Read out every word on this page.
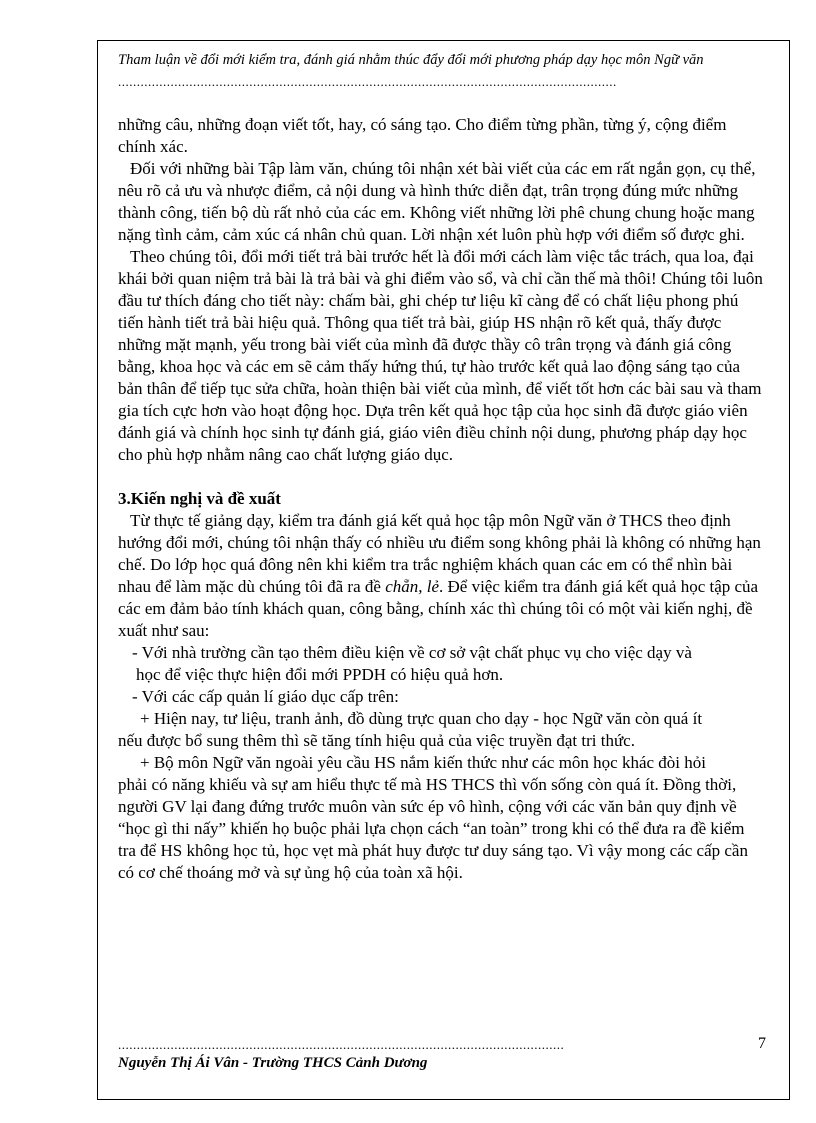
Tham luận về đổi mới kiểm tra, đánh giá nhằm thúc đẩy đổi mới phương pháp dạy học môn Ngữ văn
.....................................................................................................................................

những câu, những đoạn viết tốt, hay, có sáng tạo. Cho điểm từng phần, từng ý, cộng điểm chính xác.

Đối với những bài Tập làm văn, chúng tôi nhận xét bài viết của các em rất ngắn gọn, cụ thể, nêu rõ cả ưu và nhược điểm, cả nội dung và hình thức diễn đạt, trân trọng đúng mức những thành công, tiến bộ dù rất nhỏ của các em. Không viết những lời phê chung chung hoặc mang nặng tình cảm, cảm xúc cá nhân chủ quan. Lời nhận xét luôn phù hợp với điểm số được ghi.

Theo chúng tôi, đổi mới tiết trả bài trước hết là đổi mới cách làm việc tắc trách, qua loa, đại khái bởi quan niệm trả bài là trả bài và ghi điểm vào sổ, và chỉ cần thế mà thôi! Chúng tôi luôn đầu tư thích đáng cho tiết này: chấm bài, ghi chép tư liệu kĩ càng để có chất liệu phong phú tiến hành tiết trả bài hiệu quả. Thông qua tiết trả bài, giúp HS nhận rõ kết quả, thấy được những mặt mạnh, yếu trong bài viết của mình đã được thầy cô trân trọng và đánh giá công bằng, khoa học và các em sẽ cảm thấy hứng thú, tự hào trước kết quả lao động sáng tạo của bản thân để tiếp tục sửa chữa, hoàn thiện bài viết của mình, để viết tốt hơn các bài sau và tham gia tích cực hơn vào hoạt động học. Dựa trên kết quả học tập của học sinh đã được giáo viên đánh giá và chính học sinh tự đánh giá, giáo viên điều chỉnh nội dung, phương pháp dạy học cho phù hợp nhằm nâng cao chất lượng giáo dục.

3.Kiến nghị và đề xuất

Từ thực tế giảng dạy, kiểm tra đánh giá kết quả học tập môn Ngữ văn ở THCS theo định hướng đổi mới, chúng tôi nhận thấy có nhiều ưu điểm song không phải là không có những hạn chế. Do lớp học quá đông nên khi kiểm tra trắc nghiệm khách quan các em có thể nhìn bài nhau để làm mặc dù chúng tôi đã ra đề chẵn, lẻ. Để việc kiểm tra đánh giá kết quả học tập của các em đảm bảo tính khách quan, công bằng, chính xác thì chúng tôi có một vài kiến nghị, đề xuất như sau:

- Với nhà trường cần tạo thêm điều kiện về cơ sở vật chất phục vụ cho việc dạy và

học để việc thực hiện đổi mới PPDH có hiệu quả hơn.

- Với các cấp quản lí giáo dục cấp trên:

+ Hiện nay, tư liệu, tranh ảnh, đồ dùng trực quan cho dạy - học Ngữ văn còn quá ít

nếu được bổ sung thêm thì sẽ tăng tính hiệu quả của việc truyền đạt tri thức.

+ Bộ môn Ngữ văn ngoài yêu cầu HS nắm kiến thức như các môn học khác đòi hỏi

phải có năng khiếu và sự am hiểu thực tế mà HS THCS thì vốn sống còn quá ít. Đồng thời, người GV lại đang đứng trước muôn vàn sức ép vô hình, cộng với các văn bản quy định về “học gì thi nấy” khiến họ buộc phải lựa chọn cách “an toàn” trong khi có thể đưa ra đề kiểm tra để HS không học tủ, học vẹt mà phát huy được tư duy sáng tạo. Vì vậy mong các cấp cần có cơ chế thoáng mở và sự ủng hộ của toàn xã hội.

.......................................................................................................................	7
Nguyễn Thị Ái Vân - Trường THCS Cảnh Dương
